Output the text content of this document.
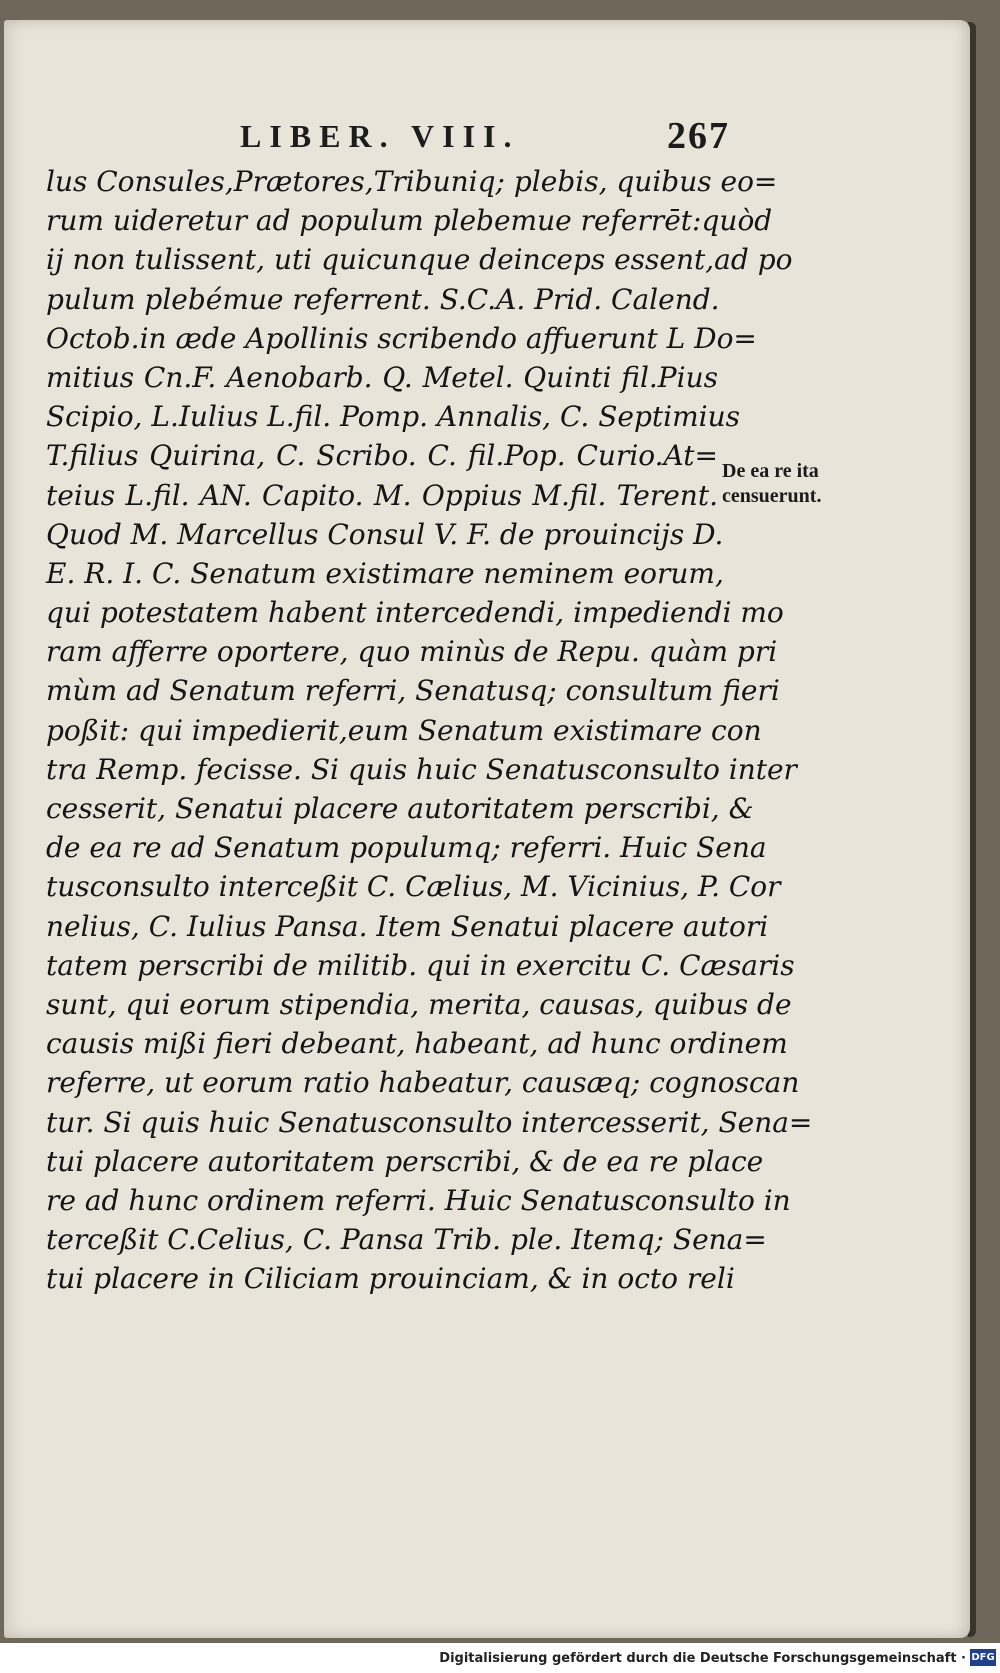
LIBER. VIII.	267
lus Consules,Prætores,Tribuniq; plebis, quibus eo=
rum uideretur ad populum plebemue referrēt:quòd
ij non tulissent, uti quicunque deinceps essent,ad po
pulum plebémue referrent. S.C.A. Prid. Calend.
Octob.in æde Apollinis scribendo affuerunt L Do=
mitius Cn.F. Aenobarb. Q. Metel. Quinti fil.Pius
Scipio, L.Iulius L.fil. Pomp. Annalis, C. Septimius
T.filius Quirina, C. Scribo. C. fil.Pop. Curio.At=
teius L.fil. AN. Capito. M. Oppius M.fil. Terent.
Quod M. Marcellus Consul V. F. de prouincijs D.
E. R. I. C. Senatum existimare neminem eorum,
qui potestatem habent intercedendi, impediendi mo
ram afferre oportere, quo minùs de Repu. quàm pri
mùm ad Senatum referri, Senatusq; consultum fieri
poßit: qui impedierit,eum Senatum existimare con
tra Remp. fecisse. Si quis huic Senatusconsulto inter
cesserit, Senatui placere autoritatem perscribi, &
de ea re ad Senatum populumq; referri. Huic Sena
tusconsulto interceßit C. Cælius, M. Vicinius, P. Cor
nelius, C. Iulius Pansa. Item Senatui placere autori
tatem perscribi de militib. qui in exercitu C. Cæsaris
sunt, qui eorum stipendia, merita, causas, quibus de
causis mißi fieri debeant, habeant, ad hunc ordinem
referre, ut eorum ratio habeatur, causæq; cognoscan
tur. Si quis huic Senatusconsulto intercesserit, Sena=
tui placere autoritatem perscribi, & de ea re place
re ad hunc ordinem referri. Huic Senatusconsulto in
terceßit C.Celius, C. Pansa Trib. ple. Itemq; Sena=
tui placere in Ciliciam prouinciam, & in octo reli
De ea re ita
censuerunt.
Digitalisierung gefördert durch die Deutsche Forschungsgemeinschaft · DFG
